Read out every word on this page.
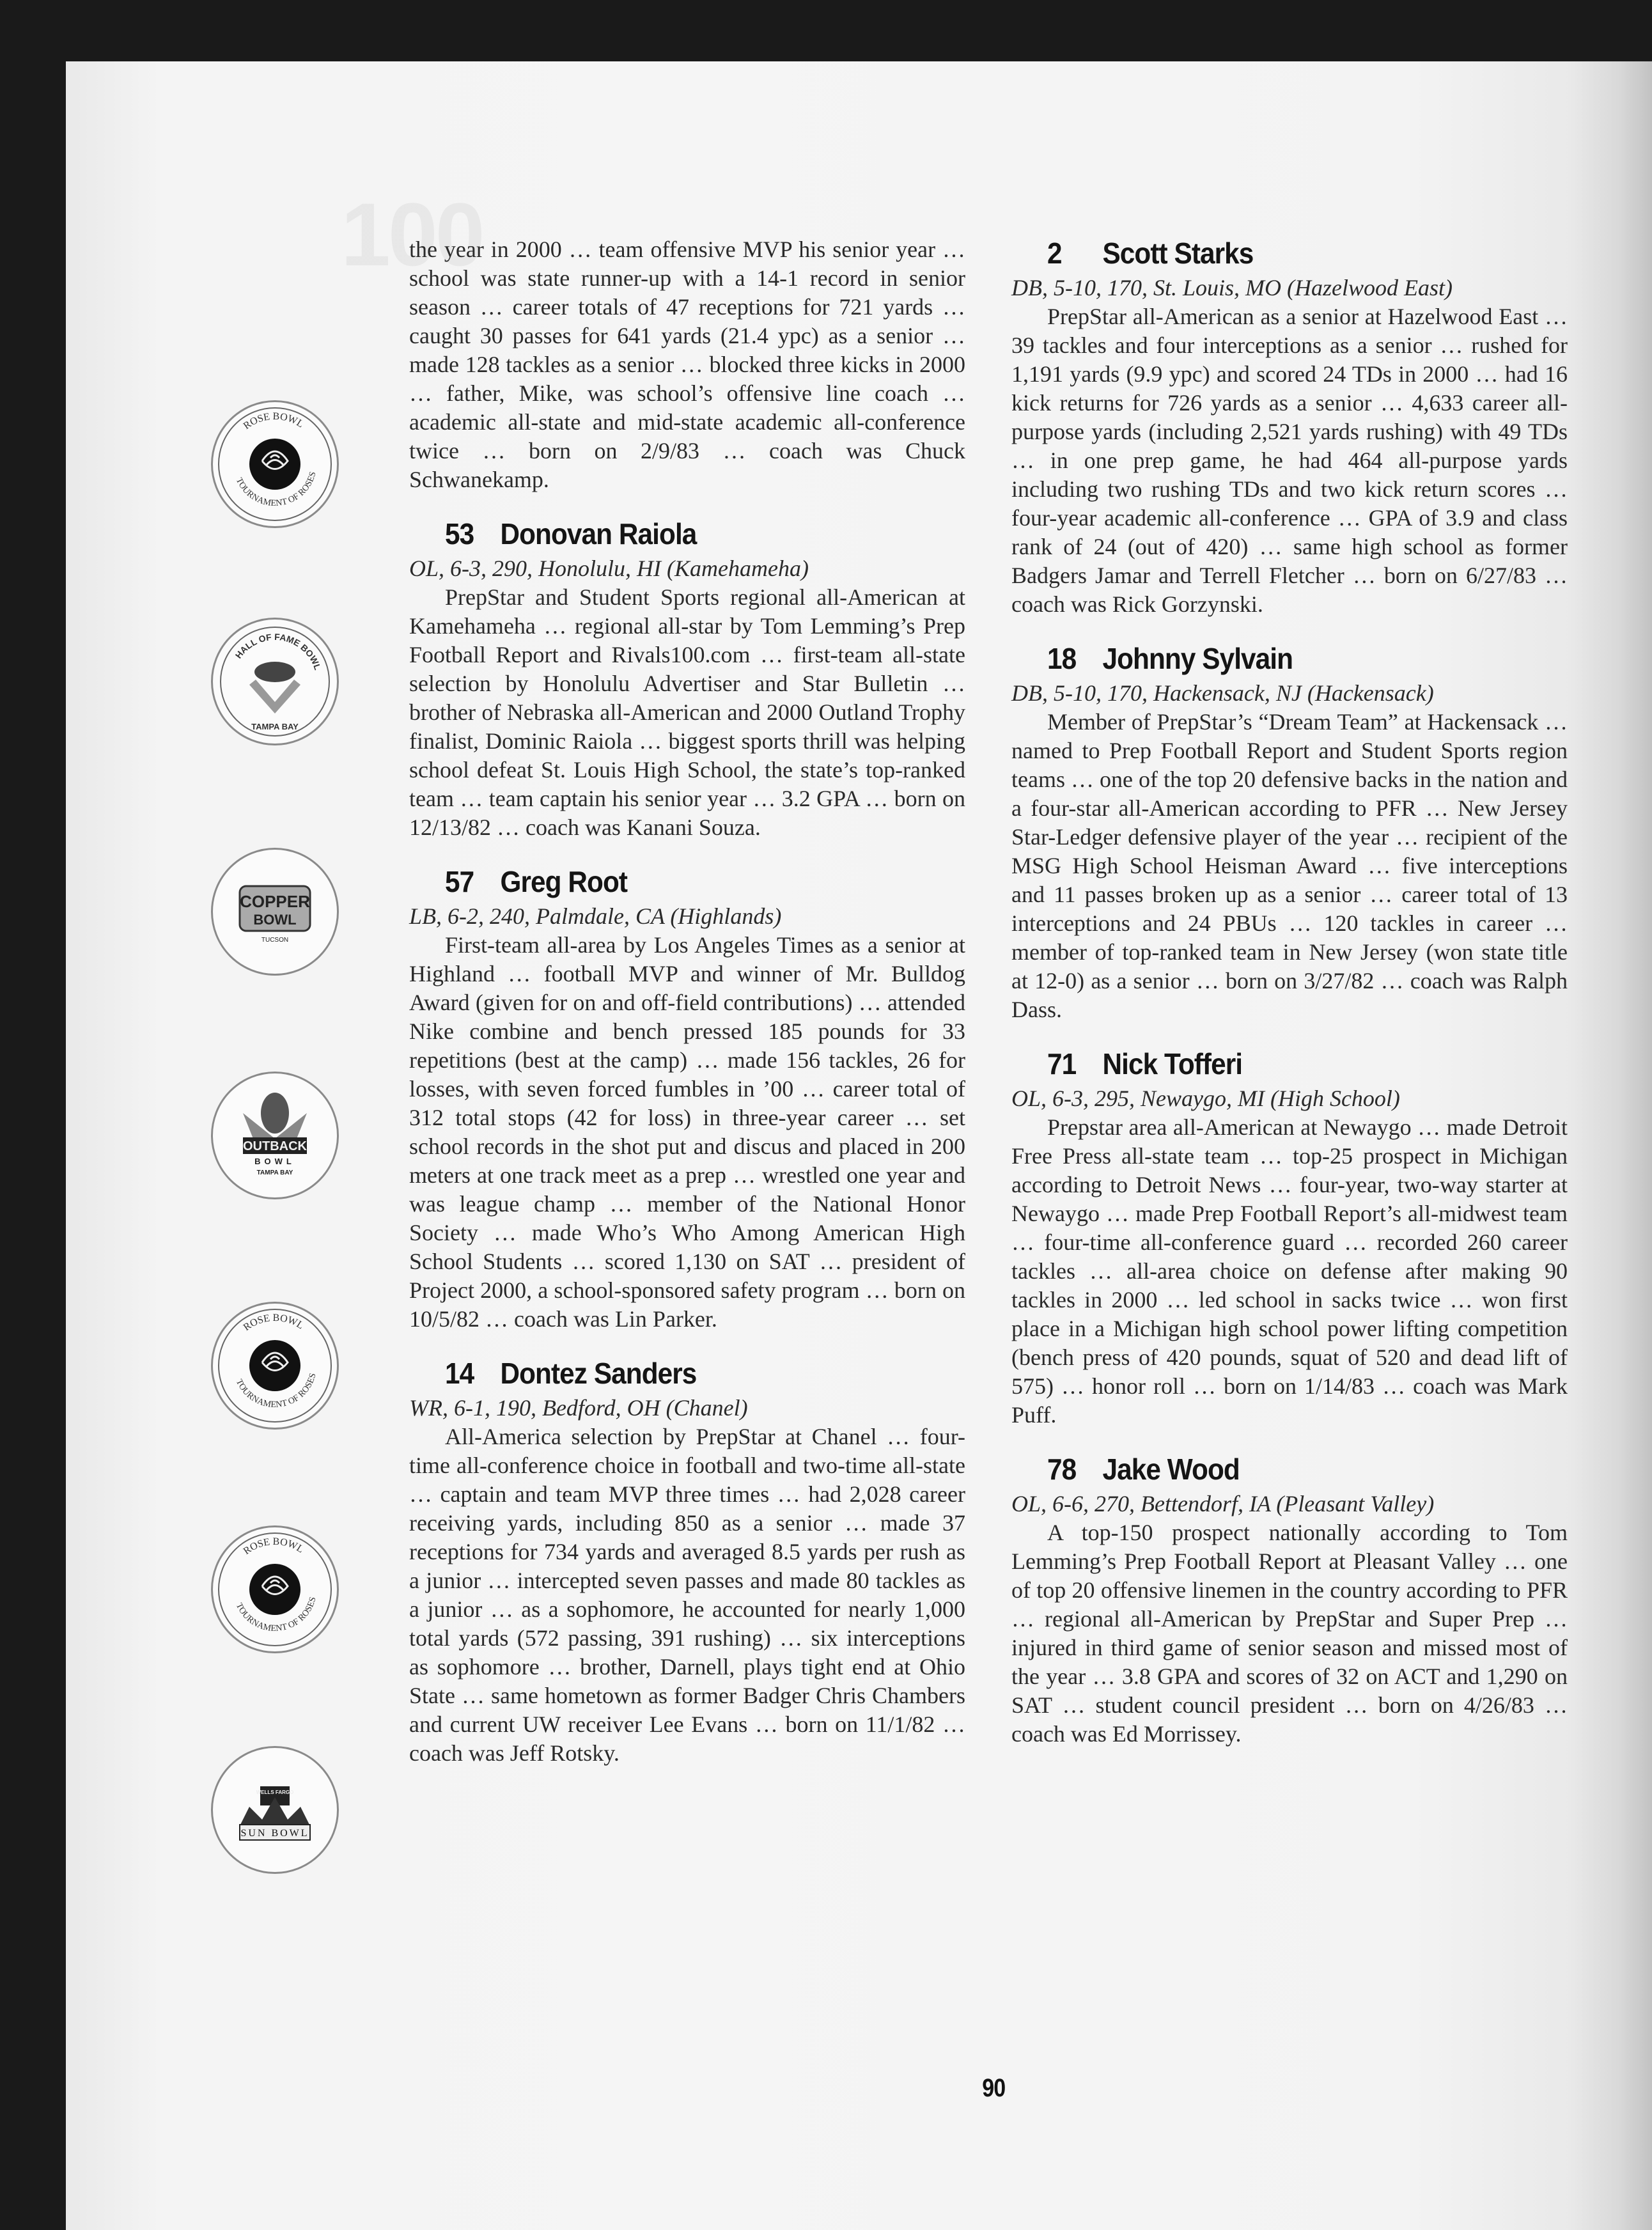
100
ROSE BOWL
TOURNAMENT OF ROSES
HALL OF FAME BOWL
TAMPA BAY
COPPER
BOWL
TUCSON
OUTBACK
BOWL
TAMPA BAY
ROSE BOWL
TOURNAMENT OF ROSES
ROSE BOWL
TOURNAMENT OF ROSES
WELLS FARGO
SUN BOWL

the year in 2000 … team offensive MVP his senior year … school was state runner-up with a 14-1 record in senior season … career totals of 47 receptions for 721 yards … caught 30 passes for 641 yards (21.4 ypc) as a senior … made 128 tackles as a senior … blocked three kicks in 2000 … father, Mike, was school’s offensive line coach … academic all-state and mid-state academic all-conference twice … born on 2/9/83 … coach was Chuck Schwanekamp.

53 Donovan Raiola

OL, 6-3, 290, Honolulu, HI (Kamehameha)

PrepStar and Student Sports regional all-American at Kamehameha … regional all-star by Tom Lemming’s Prep Football Report and Rivals100.com … first-team all-state selection by Honolulu Advertiser and Star Bulletin … brother of Nebraska all-American and 2000 Outland Trophy finalist, Dominic Raiola … biggest sports thrill was helping school defeat St. Louis High School, the state’s top-ranked team … team captain his senior year … 3.2 GPA … born on 12/13/82 … coach was Kanani Souza.

57 Greg Root

LB, 6-2, 240, Palmdale, CA (Highlands)

First-team all-area by Los Angeles Times as a senior at Highland … football MVP and winner of Mr. Bulldog Award (given for on and off-field contributions) … attended Nike combine and bench pressed 185 pounds for 33 repetitions (best at the camp) … made 156 tackles, 26 for losses, with seven forced fumbles in ’00 … career total of 312 total stops (42 for loss) in three-year career … set school records in the shot put and discus and placed in 200 meters at one track meet as a prep … wrestled one year and was league champ … member of the National Honor Society … made Who’s Who Among American High School Students … scored 1,130 on SAT … president of Project 2000, a school-sponsored safety program … born on 10/5/82 … coach was Lin Parker.

14 Dontez Sanders

WR, 6-1, 190, Bedford, OH (Chanel)

All-America selection by PrepStar at Chanel … four-time all-conference choice in football and two-time all-state … captain and team MVP three times … had 2,028 career receiving yards, including 850 as a senior … made 37 receptions for 734 yards and averaged 8.5 yards per rush as a junior … intercepted seven passes and made 80 tackles as a junior … as a sophomore, he accounted for nearly 1,000 total yards (572 passing, 391 rushing) … six interceptions as sophomore … brother, Darnell, plays tight end at Ohio State … same hometown as former Badger Chris Chambers and current UW receiver Lee Evans … born on 11/1/82 … coach was Jeff Rotsky.

2 Scott Starks

DB, 5-10, 170, St. Louis, MO (Hazelwood East)

PrepStar all-American as a senior at Hazelwood East … 39 tackles and four interceptions as a senior … rushed for 1,191 yards (9.9 ypc) and scored 24 TDs in 2000 … had 16 kick returns for 726 yards as a senior … 4,633 career all-purpose yards (including 2,521 yards rushing) with 49 TDs … in one prep game, he had 464 all-purpose yards including two rushing TDs and two kick return scores … four-year academic all-conference … GPA of 3.9 and class rank of 24 (out of 420) … same high school as former Badgers Jamar and Terrell Fletcher … born on 6/27/83 … coach was Rick Gorzynski.

18 Johnny Sylvain

DB, 5-10, 170, Hackensack, NJ (Hackensack)

Member of PrepStar’s “Dream Team” at Hackensack … named to Prep Football Report and Student Sports region teams … one of the top 20 defensive backs in the nation and a four-star all-American according to PFR … New Jersey Star-Ledger defensive player of the year … recipient of the MSG High School Heisman Award … five interceptions and 11 passes broken up as a senior … career total of 13 interceptions and 24 PBUs … 120 tackles in career … member of top-ranked team in New Jersey (won state title at 12-0) as a senior … born on 3/27/82 … coach was Ralph Dass.

71 Nick Tofferi

OL, 6-3, 295, Newaygo, MI (High School)

Prepstar area all-American at Newaygo … made Detroit Free Press all-state team … top-25 prospect in Michigan according to Detroit News … four-year, two-way starter at Newaygo … made Prep Football Report’s all-midwest team … four-time all-conference guard … recorded 260 career tackles … all-area choice on defense after making 90 tackles in 2000 … led school in sacks twice … won first place in a Michigan high school power lifting competition (bench press of 420 pounds, squat of 520 and dead lift of 575) … honor roll … born on 1/14/83 … coach was Mark Puff.

78 Jake Wood

OL, 6-6, 270, Bettendorf, IA (Pleasant Valley)

A top-150 prospect nationally according to Tom Lemming’s Prep Football Report at Pleasant Valley … one of top 20 offensive linemen in the country according to PFR … regional all-American by PrepStar and Super Prep … injured in third game of senior season and missed most of the year … 3.8 GPA and scores of 32 on ACT and 1,290 on SAT … student council president … born on 4/26/83 … coach was Ed Morrissey.

90
